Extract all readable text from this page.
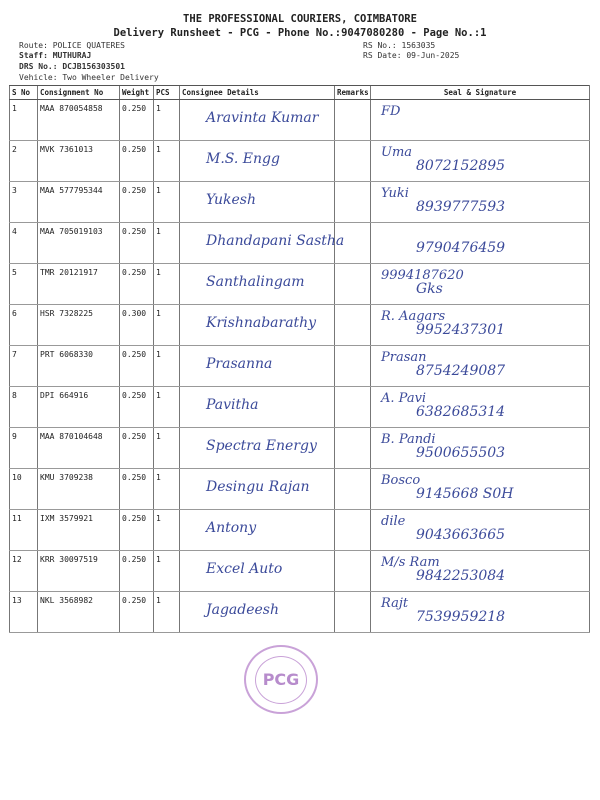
THE PROFESSIONAL COURIERS, COIMBATORE
Delivery Runsheet - PCG - Phone No.:9047080280 - Page No.:1
Route: POLICE QUATERES
Staff: MUTHURAJ
DRS No.: DCJB156303501
Vehicle: Two Wheeler Delivery
RS No.: 1563035
RS Date: 09-Jun-2025
S No	Consignment No	Weight	PCS	Consignee Details	Remarks	Seal & Signature
1	MAA 870054858	0.250	1	Aravinta Kumar		FD

2	MVK 7361013	0.250	1	M.S. Engg		Uma
8072152895

3	MAA 577795344	0.250	1	Yukesh		Yuki
8939777593

4	MAA 705019103	0.250	1	Dhandapani Sastha		9790476459

5	TMR 20121917	0.250	1	Santhalingam		9994187620
Gks

6	HSR 7328225	0.300	1	Krishnabarathy		R. Aagars
9952437301

7	PRT 6068330	0.250	1	Prasanna		Prasan
8754249087

8	DPI 664916	0.250	1	Pavitha		A. Pavi
6382685314

9	MAA 870104648	0.250	1	Spectra Energy		B. Pandi
9500655503

10	KMU 3709238	0.250	1	Desingu Rajan		Bosco
9145668 S0H

11	IXM 3579921	0.250	1	Antony		dile
9043663665

12	KRR 30097519	0.250	1	Excel Auto		M/s Ram
9842253084

13	NKL 3568982	0.250	1	Jagadeesh		Rajt
7539959218
PCG
